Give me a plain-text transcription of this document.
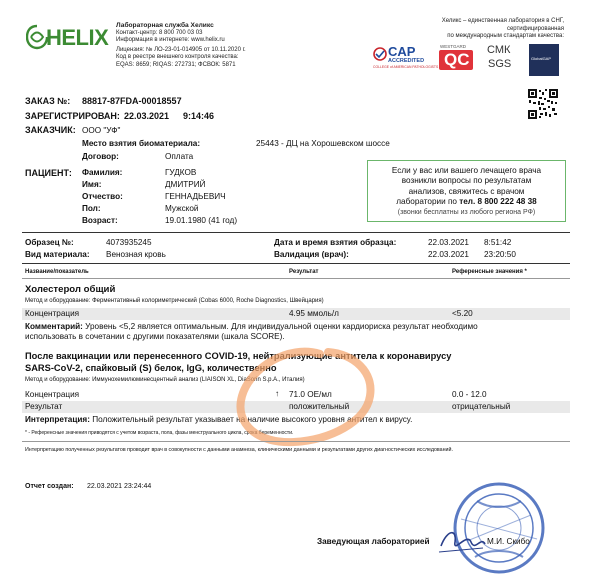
HELIX Лабораторная служба Хеликс
Контакт-центр: 8 800 700 03 03
Информация в интернете: www.helix.ru
Лицензия: № ЛО-23-01-014905 от 10.11.2020 г.
Код в реестре внешнего контроля качества:
EQAS: 8659; RIQAS: 272731; ФСВОК: 5871
Хеликс – единственная лаборатория в СНГ, сертифицированная
по международным стандартам качества:
CAP
ACCREDITED
COLLEGE of AMERICAN PATHOLOGISTS
WESTGARD
QC СМК
SGS	GlobalGAP
ЗАКАЗ №: 88817-87FDA-00018557
ЗАРЕГИСТРИРОВАН: 22.03.2021 9:14:46
ЗАКАЗЧИК: ООО "УФ"
Место взятия биоматериала:	25443 - ДЦ на Хорошевском шоссе
Договор:	Оплата
ПАЦИЕНТ: Фамилия:	ГУДКОВ
Имя:	ДМИТРИЙ
Отчество:	ГЕННАДЬЕВИЧ
Пол:	Мужской
Возраст:	19.01.1980 (41 год)
Если у вас или вашего лечащего врача
возникли вопросы по результатам
анализов, свяжитесь с врачом
лаборатории по тел. 8 800 222 48 38
(звонки бесплатны из любого региона РФ)
Образец №:	4073935245
Вид материала: Венозная кровь
Дата и время взятия образца:	22.03.2021 8:51:42
Валидация (врач):	22.03.2021 23:20:50
Название/показатель	Результат	Референсные значения *
Холестерол общий
Метод и оборудование: Ферментативный колориметрический (Cobas 6000, Roche Diagnostics, Швейцария)
Концентрация	4.95 ммоль/л	<5.20
Комментарий: Уровень <5,2 является оптимальным. Для индивидуальной оценки кардиориска результат необходимо
использовать в сочетании с другими показателями (шкала SCORE).
После вакцинации или перенесенного COVID-19, нейтрализующие антитела к коронавирусу
SARS-CoV-2, спайковый (S) белок, IgG, количественно
Метод и оборудование: Иммунохемилюминесцентный анализ (LIAISON XL, DiaSorin S.p.A., Италия)
Концентрация	↑ 71.0 ОЕ/мл	0.0 - 12.0
Результат	положительный	отрицательный
Интерпретация: Положительный результат указывает на наличие высокого уровня антител к вирусу.
* - Референсные значения приводятся с учетом возраста, пола, фазы менструального цикла, срока беременности.
Интерпретацию полученных результатов проводит врач в совокупности с данными анамнеза, клиническими данными и результатами других диагностических исследований.
Отчет создан: 22.03.2021 23:24:44
Заведующая лабораторией	М.И. Скибо
